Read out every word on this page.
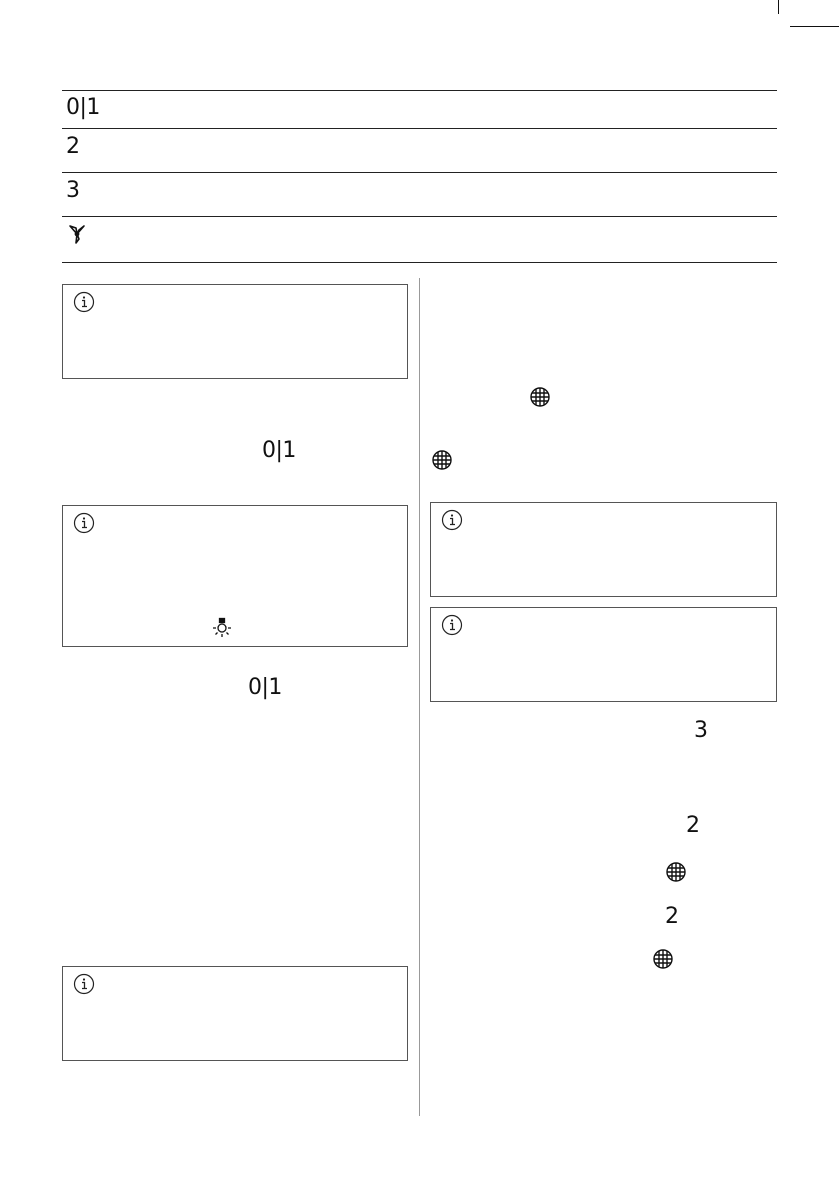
0|1
2
3
0|1
0|1
3
2
2
